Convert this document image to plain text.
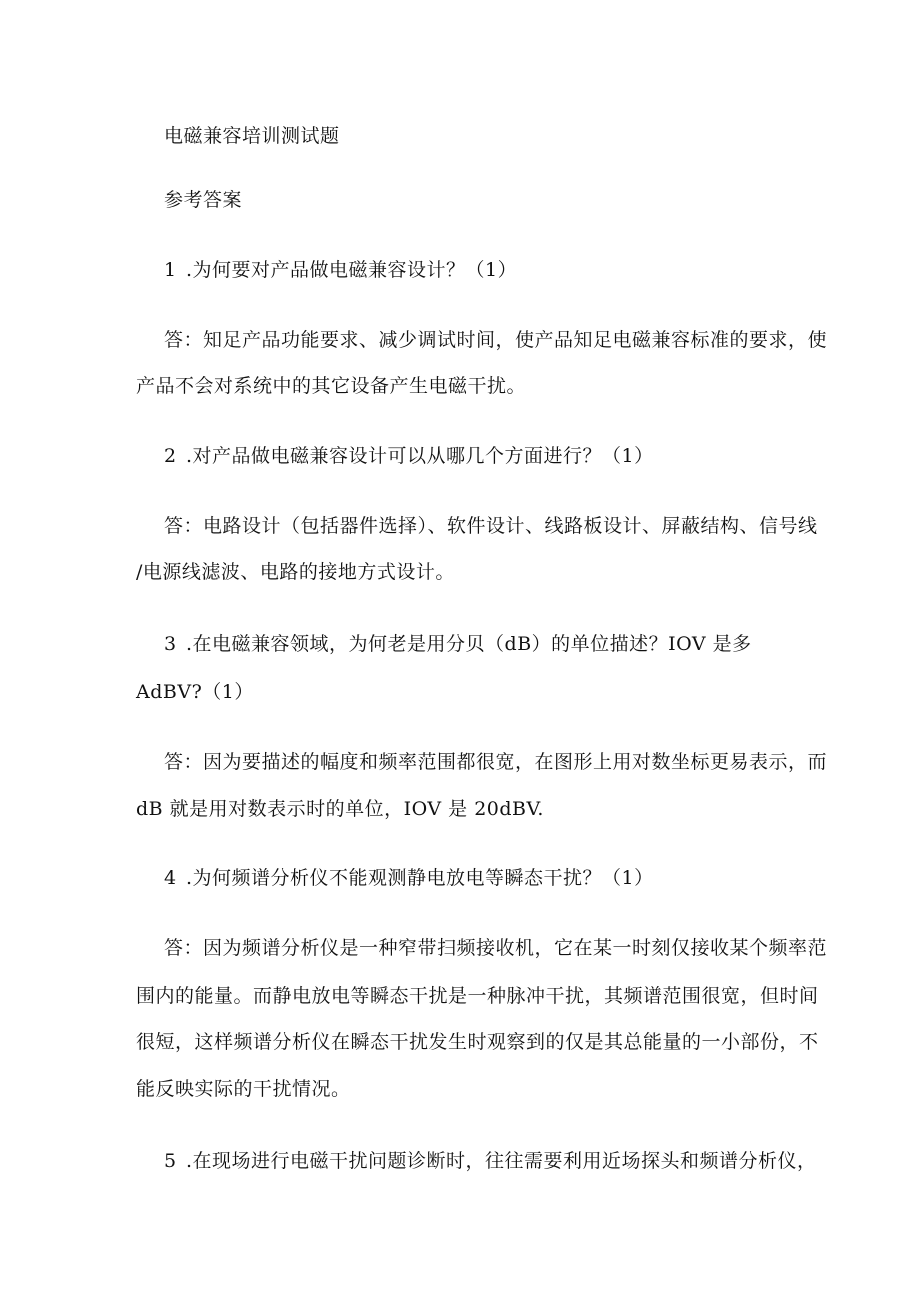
电磁兼容培训测试题
参考答案
1 .为何要对产品做电磁兼容设计？（1）
答：知足产品功能要求、减少调试时间，使产品知足电磁兼容标准的要求，使
产品不会对系统中的其它设备产生电磁干扰。
2 .对产品做电磁兼容设计可以从哪几个方面进行？（1）
答：电路设计（包括器件选择）、软件设计、线路板设计、屏蔽结构、信号线
/电源线滤波、电路的接地方式设计。
3 .在电磁兼容领域，为何老是用分贝（dB）的单位描述？IOV 是多
AdBV?（1）
答：因为要描述的幅度和频率范围都很宽，在图形上用对数坐标更易表示，而
dB 就是用对数表示时的单位，IOV 是 20dBV.
4 .为何频谱分析仪不能观测静电放电等瞬态干扰？（1）
答：因为频谱分析仪是一种窄带扫频接收机，它在某一时刻仅接收某个频率范
围内的能量。而静电放电等瞬态干扰是一种脉冲干扰，其频谱范围很宽，但时间
很短，这样频谱分析仪在瞬态干扰发生时观察到的仅是其总能量的一小部份，不
能反映实际的干扰情况。
5 .在现场进行电磁干扰问题诊断时，往往需要利用近场探头和频谱分析仪，
